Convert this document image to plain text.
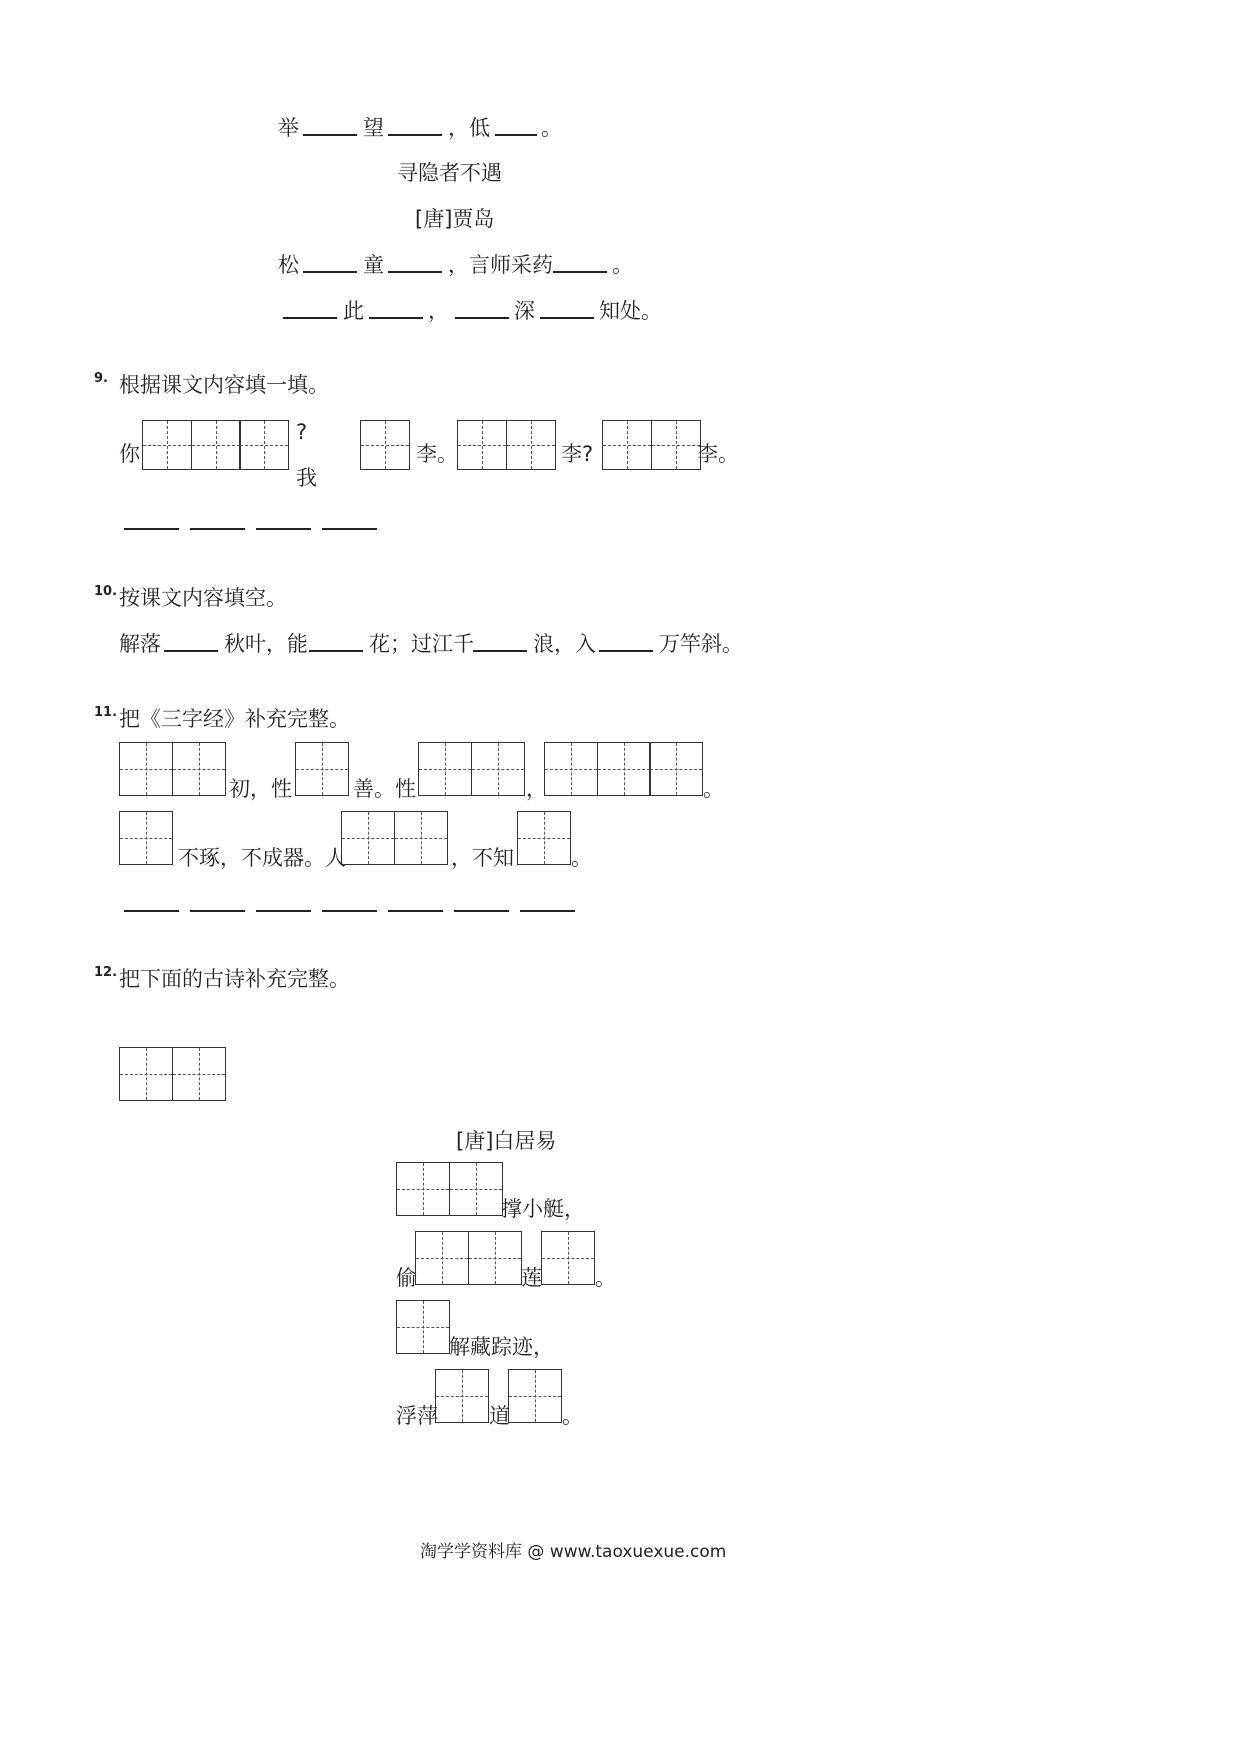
举	望	，低 。
寻隐者不遇
[唐]贾岛
松	童	，言师采药	。
此	，	深	知处。
9. 根据课文内容填一填。
你
?
我
李。	李?	李。
10. 按课文内容填空。
解落	秋叶，能	花；过江千	浪，入	万竿斜。
11. 把《三字经》补充完整。
初，性	善。性	，	。
不琢，不成器。人	，不知	。
12. 把下面的古诗补充完整。
[唐]白居易
撑小艇，
偷	莲	。
解藏踪迹，
浮萍 道 。
淘学学资料库 @ www.taoxuexue.com
